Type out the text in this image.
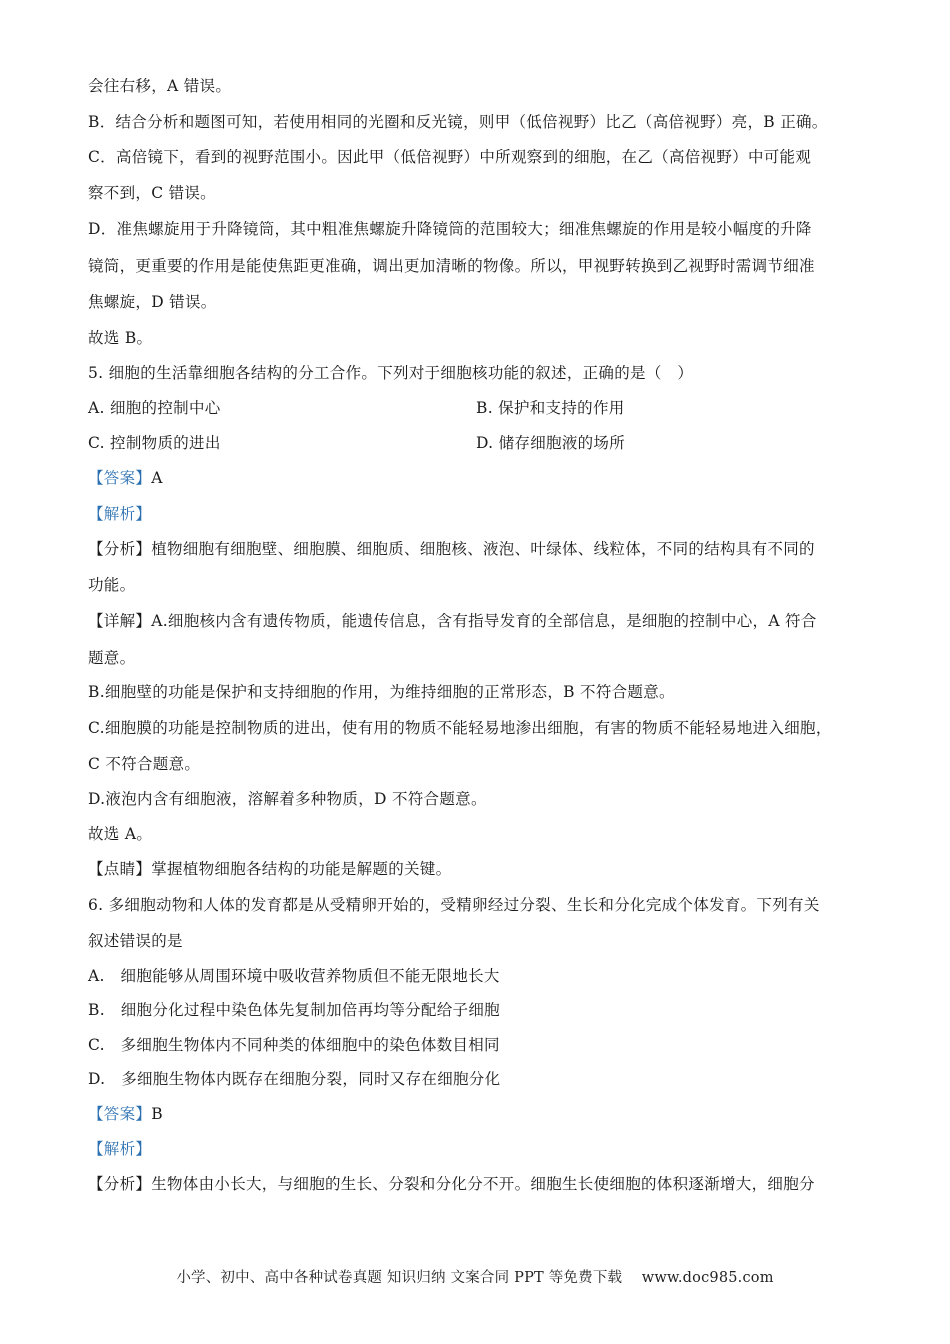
会往右移，A 错误。
B．结合分析和题图可知，若使用相同的光圈和反光镜，则甲（低倍视野）比乙（高倍视野）亮，B 正确。
C．高倍镜下，看到的视野范围小。因此甲（低倍视野）中所观察到的细胞，在乙（高倍视野）中可能观
察不到，C 错误。
D．准焦螺旋用于升降镜筒，其中粗准焦螺旋升降镜筒的范围较大；细准焦螺旋的作用是较小幅度的升降
镜筒，更重要的作用是能使焦距更准确，调出更加清晰的物像。所以，甲视野转换到乙视野时需调节细准
焦螺旋，D 错误。
故选 B。
5. 细胞的生活靠细胞各结构的分工合作。下列对于细胞核功能的叙述，正确的是（　）
A. 细胞的控制中心	B. 保护和支持的作用
C. 控制物质的进出	D. 储存细胞液的场所
【答案】A
【解析】
【分析】植物细胞有细胞壁、细胞膜、细胞质、细胞核、液泡、叶绿体、线粒体，不同的结构具有不同的
功能。
【详解】A.细胞核内含有遗传物质，能遗传信息，含有指导发育的全部信息，是细胞的控制中心，A 符合
题意。
B.细胞壁的功能是保护和支持细胞的作用，为维持细胞的正常形态，B 不符合题意。
C.细胞膜的功能是控制物质的进出，使有用的物质不能轻易地渗出细胞，有害的物质不能轻易地进入细胞，
C 不符合题意。
D.液泡内含有细胞液，溶解着多种物质，D 不符合题意。
故选 A。
【点睛】掌握植物细胞各结构的功能是解题的关键。
6. 多细胞动物和人体的发育都是从受精卵开始的，受精卵经过分裂、生长和分化完成个体发育。下列有关
叙述错误的是
A.　细胞能够从周围环境中吸收营养物质但不能无限地长大
B.　细胞分化过程中染色体先复制加倍再均等分配给子细胞
C.　多细胞生物体内不同种类的体细胞中的染色体数目相同
D.　多细胞生物体内既存在细胞分裂，同时又存在细胞分化
【答案】B
【解析】
【分析】生物体由小长大，与细胞的生长、分裂和分化分不开。细胞生长使细胞的体积逐渐增大，细胞分
小学、初中、高中各种试卷真题 知识归纳 文案合同 PPT 等免费下载　 www.doc985.com
